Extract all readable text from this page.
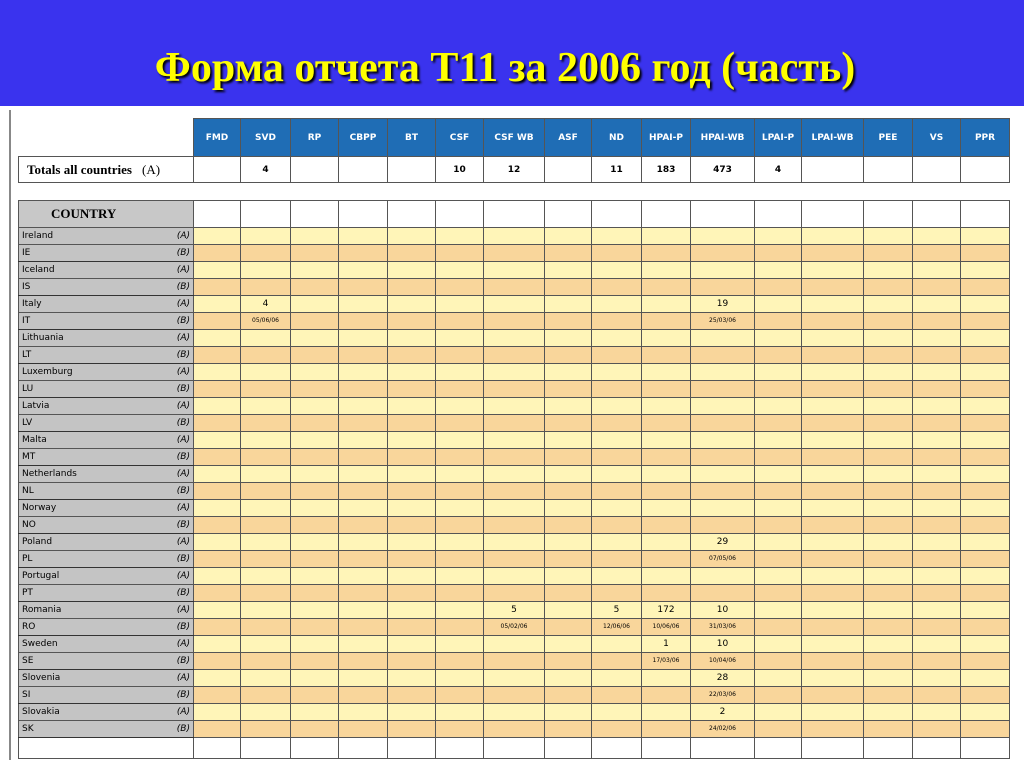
Форма отчета Т11 за 2006 год (часть)
	FMD	SVD	RP	CBPP	BT	CSF	CSF WB	ASF	ND	HPAI-P	HPAI-WB	LPAI-P	LPAI-WB	PEE	VS	PPR
Totals all countries (A)		4				10	12		11	183	473	4				
COUNTRY																
Ireland (A)																

IE (B)																

Iceland (A)																

IS (B)																

Italy (A)		4									19					
IT (B)		05/06/06									25/03/06					
Lithuania (A)																

LT (B)																

Luxemburg (A)																

LU (B)																

Latvia (A)																

LV (B)																

Malta (A)																

MT (B)																

Netherlands (A)																

NL (B)																

Norway (A)																

NO (B)																

Poland (A)											29					
PL (B)											07/05/06					
Portugal (A)																

PT (B)																

Romania (A)							5		5	172	10					
RO (B)							05/02/06		12/06/06	10/06/06	31/03/06					
Sweden (A)										1	10					
SE (B)										17/03/06	10/04/06					
Slovenia (A)											28					
SI (B)											22/03/06					
Slovakia (A)											2					
SK (B)											24/02/06					
